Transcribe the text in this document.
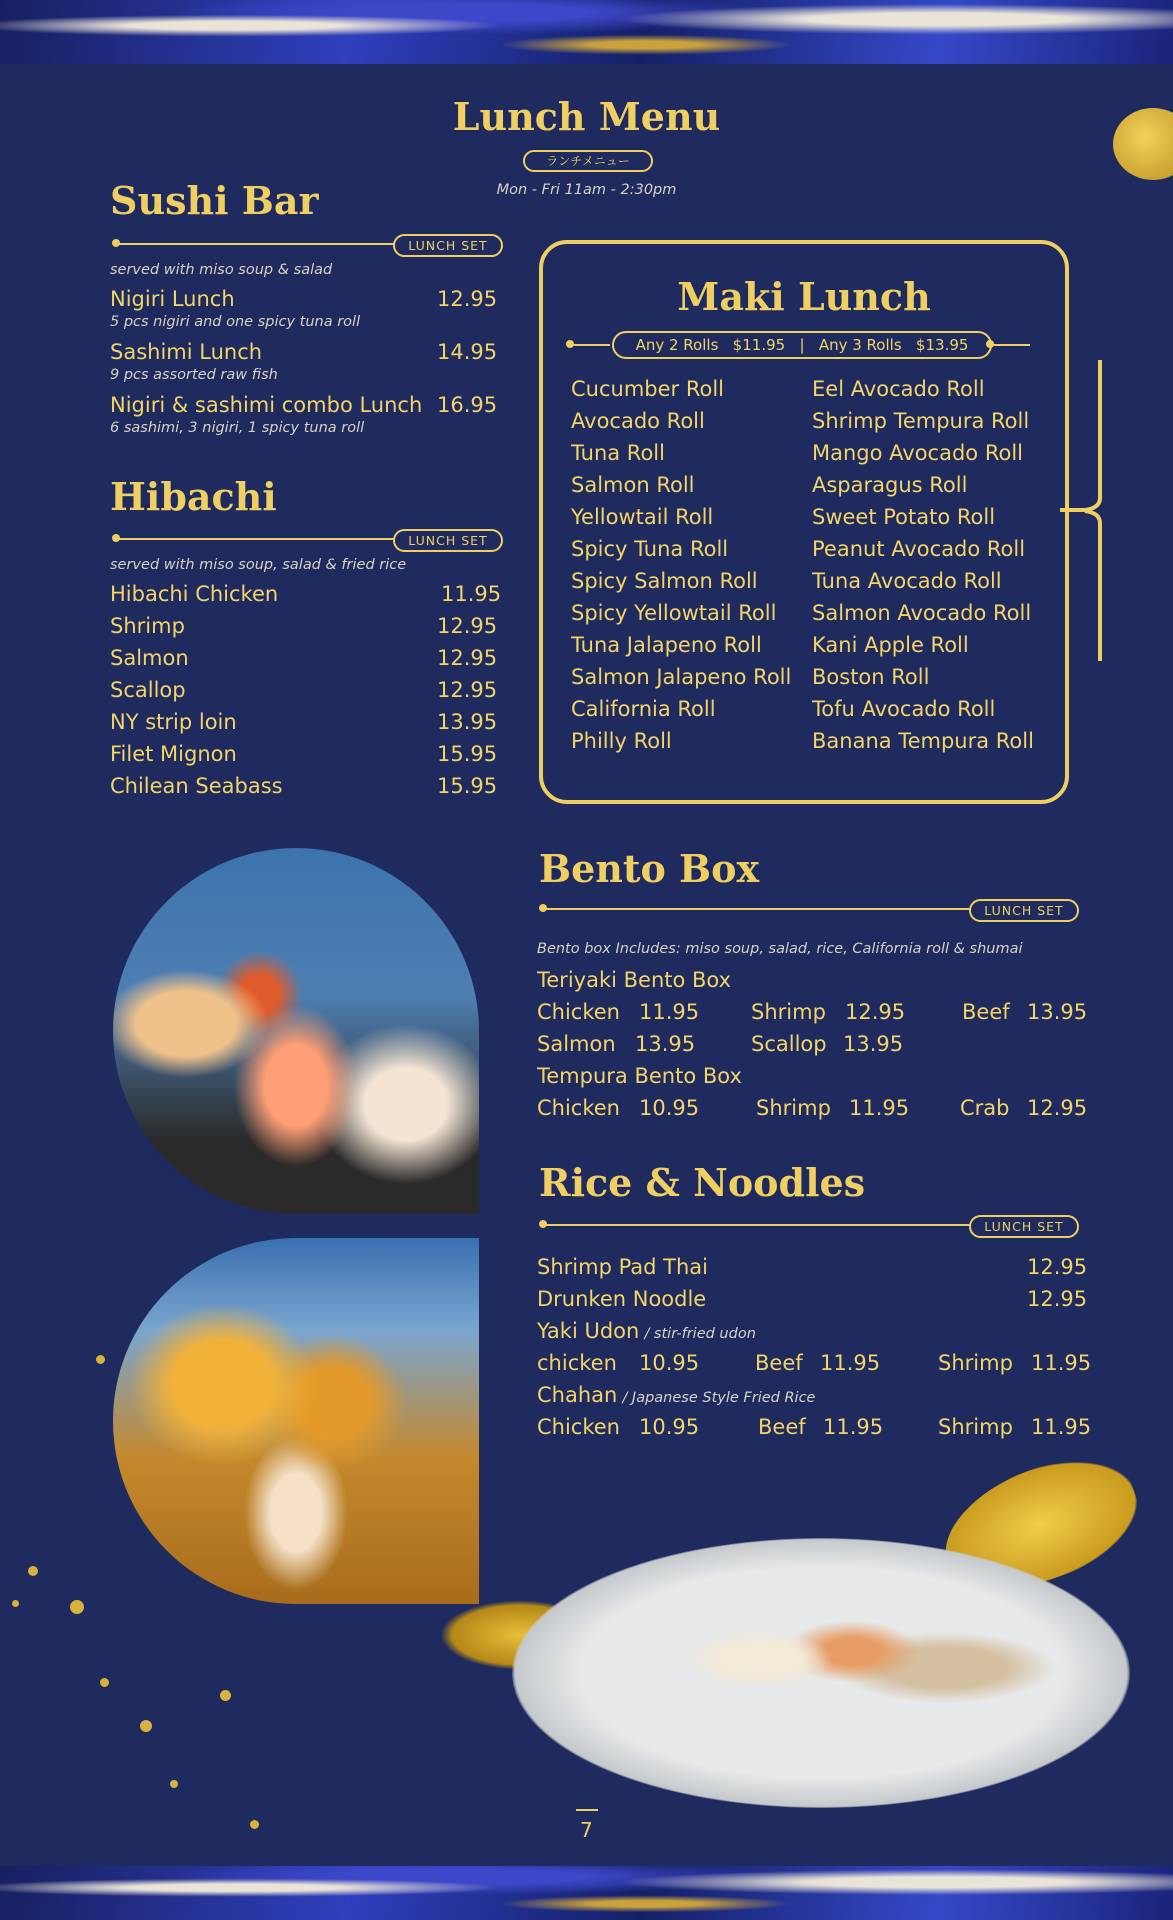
Lunch Menu
ランチメニュー
Mon - Fri 11am - 2:30pm
Sushi Bar
LUNCH SET
served with miso soup & salad
Nigiri Lunch	12.95
5 pcs nigiri and one spicy tuna roll
Sashimi Lunch	14.95
9 pcs assorted raw fish
Nigiri & sashimi combo Lunch 16.95
6 sashimi, 3 nigiri, 1 spicy tuna roll
Hibachi
LUNCH SET
served with miso soup, salad & fried rice
Hibachi Chicken	11.95
Shrimp	12.95
Salmon	12.95
Scallop	12.95
NY strip loin	13.95
Filet Mignon	15.95
Chilean Seabass	15.95
Maki Lunch
Any 2 Rolls   $11.95   |   Any 3 Rolls   $13.95
Cucumber Roll
Avocado Roll
Tuna Roll
Salmon Roll
Yellowtail Roll
Spicy Tuna Roll
Spicy Salmon Roll
Spicy Yellowtail Roll
Tuna Jalapeno Roll
Salmon Jalapeno Roll
California Roll
Philly Roll
Eel Avocado Roll
Shrimp Tempura Roll
Mango Avocado Roll
Asparagus Roll
Sweet Potato Roll
Peanut Avocado Roll
Tuna Avocado Roll
Salmon Avocado Roll
Kani Apple Roll
Boston Roll
Tofu Avocado Roll
Banana Tempura Roll
Bento Box
LUNCH SET
Bento box Includes: miso soup, salad, rice, California roll & shumai
Teriyaki Bento Box
Chicken 11.95 Shrimp 12.95	Beef 13.95
Salmon 13.95	Scallop 13.95
Tempura Bento Box
Chicken 10.95	Shrimp 11.95 Crab 12.95
Rice & Noodles
LUNCH SET
Shrimp Pad Thai	12.95
Drunken Noodle	12.95
Yaki Udon / stir-fried udon
chicken 10.95	Beef 11.95	Shrimp 11.95
Chahan / Japanese Style Fried Rice
Chicken 10.95	Beef 11.95	Shrimp 11.95
7
